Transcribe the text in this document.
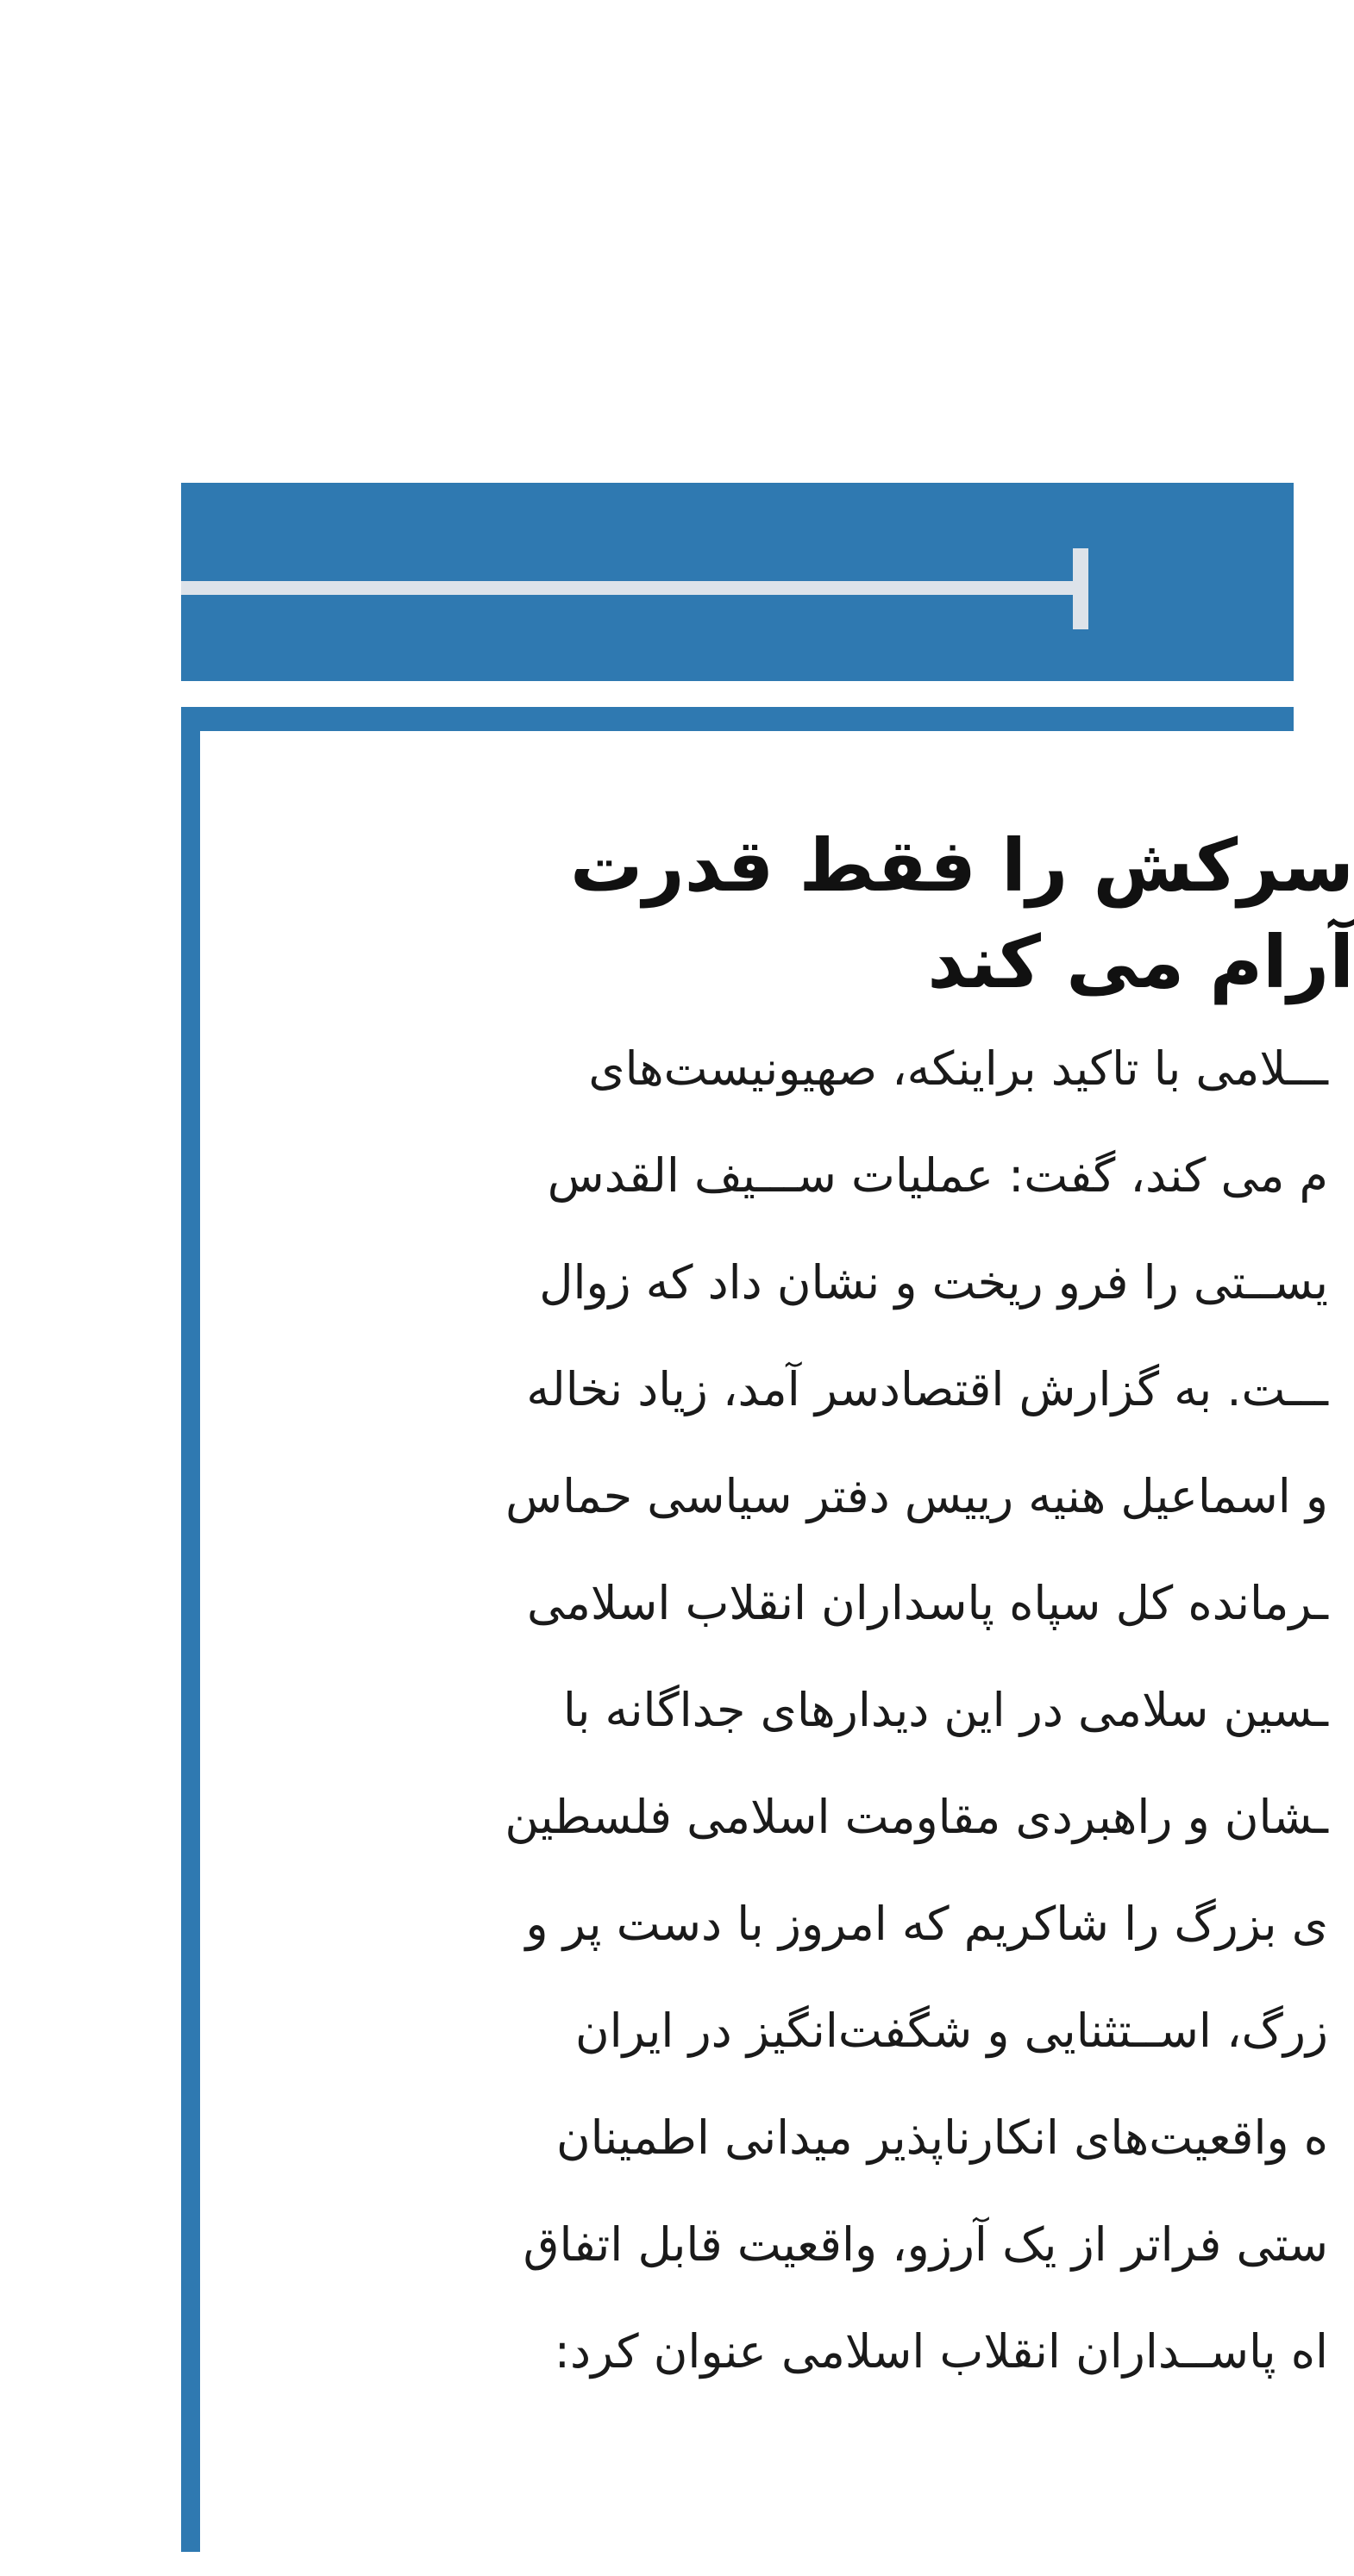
سرکش را فقط قدرت
آرام می کند
ـــلامی با تاکید براینکه، صهیونیست‌های
م می کند، گفت: عملیات ســـیف القدس
یســتی را فرو ریخت و نشان داد که زوال
ـــت. به گزارش اقتصادسر آمد، زیاد نخاله
و اسماعیل هنیه رییس دفتر سیاسی حماس
ـرمانده کل سپاه پاسداران انقلاب اسلامی
ـسین سلامی در این دیدارهای جداگانه با
ـشان و راهبردی مقاومت اسلامی فلسطین
ی بزرگ را شاکریم که امروز با دست پر و
زرگ، اســتثنایی و شگفت‌انگیز در ایران
ه واقعیت‌های انکارناپذیر میدانی اطمینان
ستی فراتر از یک آرزو، واقعیت قابل اتفاق
اه پاســداران انقلاب اسلامی عنوان کرد:
